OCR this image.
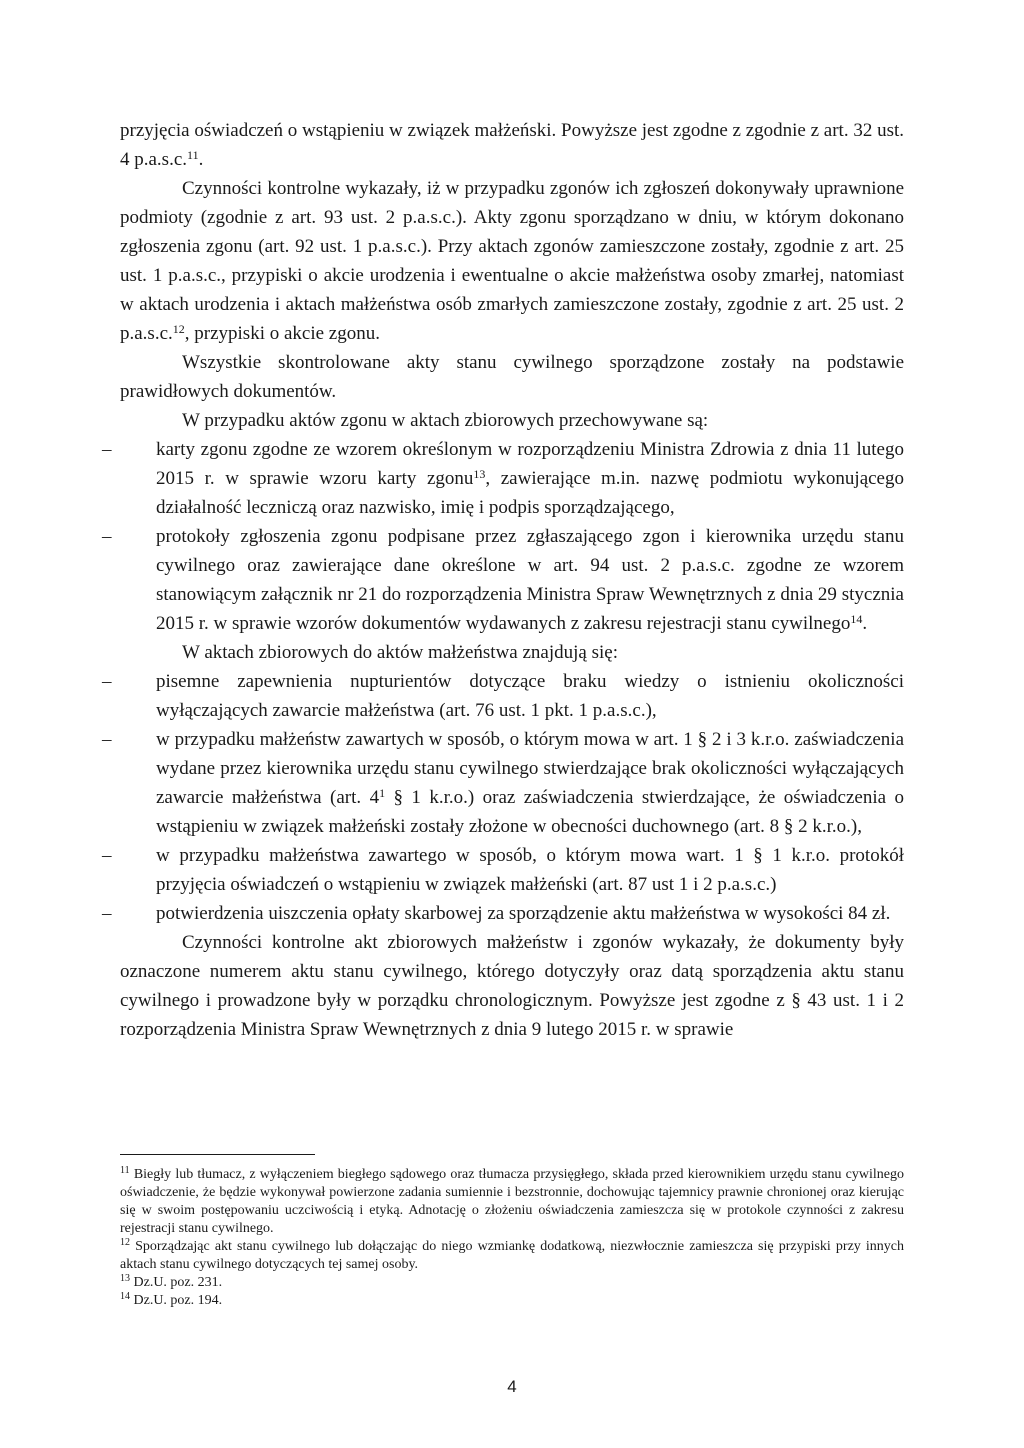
przyjęcia oświadczeń o wstąpieniu w związek małżeński. Powyższe jest zgodne z zgodnie z art. 32 ust. 4 p.a.s.c.$^{11}$.

Czynności kontrolne wykazały, iż w przypadku zgonów ich zgłoszeń dokonywały uprawnione podmioty (zgodnie z art. 93 ust. 2 p.a.s.c.). Akty zgonu sporządzano w dniu, w którym dokonano zgłoszenia zgonu (art. 92 ust. 1 p.a.s.c.). Przy aktach zgonów zamieszczone zostały, zgodnie z art. 25 ust. 1 p.a.s.c., przypiski o akcie urodzenia i ewentualne o akcie małżeństwa osoby zmarłej, natomiast w aktach urodzenia i aktach małżeństwa osób zmarłych zamieszczone zostały, zgodnie z art. 25 ust. 2 p.a.s.c.$^{12}$, przypiski o akcie zgonu.

Wszystkie skontrolowane akty stanu cywilnego sporządzone zostały na podstawie prawidłowych dokumentów.

W przypadku aktów zgonu w aktach zbiorowych przechowywane są:

– karty zgonu zgodne ze wzorem określonym w rozporządzeniu Ministra Zdrowia z dnia 11 lutego 2015 r. w sprawie wzoru karty zgonu$^{13}$, zawierające m.in. nazwę podmiotu wykonującego działalność leczniczą oraz nazwisko, imię i podpis sporządzającego,
– protokoły zgłoszenia zgonu podpisane przez zgłaszającego zgon i kierownika urzędu stanu cywilnego oraz zawierające dane określone w art. 94 ust. 2 p.a.s.c. zgodne ze wzorem stanowiącym załącznik nr 21 do rozporządzenia Ministra Spraw Wewnętrznych z dnia 29 stycznia 2015 r. w sprawie wzorów dokumentów wydawanych z zakresu rejestracji stanu cywilnego$^{14}$.

W aktach zbiorowych do aktów małżeństwa znajdują się:

– pisemne zapewnienia nupturientów dotyczące braku wiedzy o istnieniu okoliczności wyłączających zawarcie małżeństwa (art. 76 ust. 1 pkt. 1 p.a.s.c.),
– w przypadku małżeństw zawartych w sposób, o którym mowa w art. 1 § 2 i 3 k.r.o. zaświadczenia wydane przez kierownika urzędu stanu cywilnego stwierdzające brak okoliczności wyłączających zawarcie małżeństwa (art. $4^1$ § 1 k.r.o.) oraz zaświadczenia stwierdzające, że oświadczenia o wstąpieniu w związek małżeński zostały złożone w obecności duchownego (art. 8 § 2 k.r.o.),
– w przypadku małżeństwa zawartego w sposób, o którym mowa wart. 1 § 1 k.r.o. protokół przyjęcia oświadczeń o wstąpieniu w związek małżeński (art. 87 ust 1 i 2 p.a.s.c.)
– potwierdzenia uiszczenia opłaty skarbowej za sporządzenie aktu małżeństwa w wysokości 84 zł.

Czynności kontrolne akt zbiorowych małżeństw i zgonów wykazały, że dokumenty były oznaczone numerem aktu stanu cywilnego, którego dotyczyły oraz datą sporządzenia aktu stanu cywilnego i prowadzone były w porządku chronologicznym. Powyższe jest zgodne z § 43 ust. 1 i 2 rozporządzenia Ministra Spraw Wewnętrznych z dnia 9 lutego 2015 r. w sprawie

$^{11}$ Biegły lub tłumacz, z wyłączeniem biegłego sądowego oraz tłumacza przysięgłego, składa przed kierownikiem urzędu stanu cywilnego oświadczenie, że będzie wykonywał powierzone zadania sumiennie i bezstronnie, dochowując tajemnicy prawnie chronionej oraz kierując się w swoim postępowaniu uczciwością i etyką. Adnotację o złożeniu oświadczenia zamieszcza się w protokole czynności z zakresu rejestracji stanu cywilnego.

$^{12}$ Sporządzając akt stanu cywilnego lub dołączając do niego wzmiankę dodatkową, niezwłocznie zamieszcza się przypiski przy innych aktach stanu cywilnego dotyczących tej samej osoby.

$^{13}$ Dz.U. poz. 231.

$^{14}$ Dz.U. poz. 194.

4
